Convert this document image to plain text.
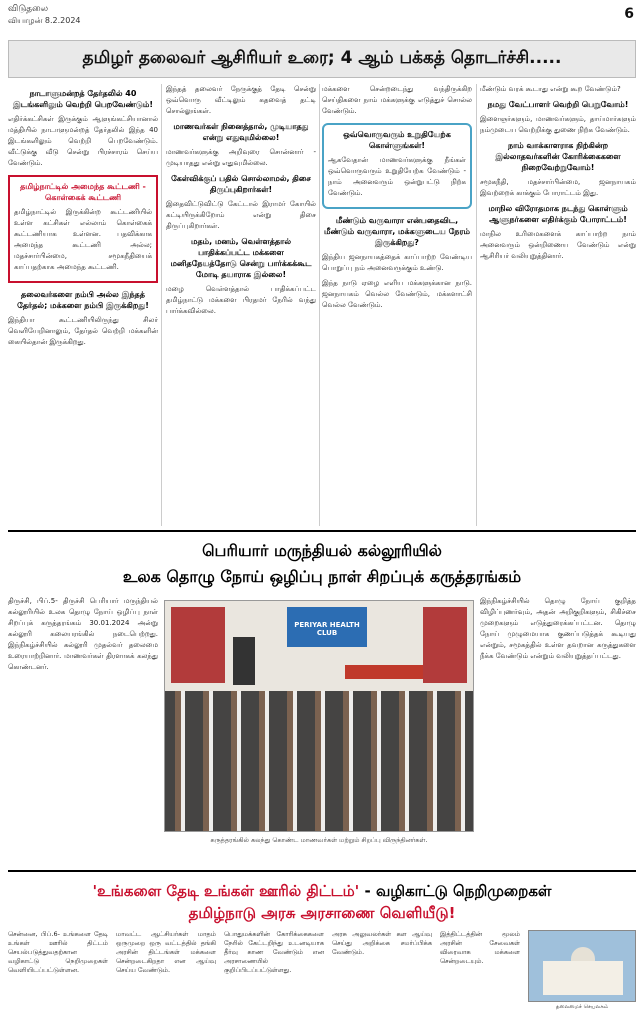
விடுதலை
வியாழன் 8.2.2024	6
தமிழர் தலைவர் ஆசிரியர் உரை; 4 ஆம் பக்கத் தொடர்ச்சி.....
நாடாளுமன்றத் தேர்தலில் 40 இடங்களிலும் வெற்றி பெறவேண்டும்!
எதிர்க்கட்சிகள் இருக்கும் ஆளுங்கட்சியானால் மத்தியில் நாடாளுமன்றத் தேர்தலில் இந்த 40 இடங்களிலும் வெற்றி பெறவேண்டும். வீட்டுக்கு வீடு சென்று பிரச்சாரம் செய்ய வேண்டும்.
தமிழ்நாட்டில் அமைந்த கூட்டணி - கொள்கைக் கூட்டணி
தமிழ்நாட்டில் இருக்கின்ற கூட்டணியில் உள்ள கட்சிகள் எல்லாம் கொள்கைக் கூட்டணியாக உள்ளன. பதவிக்காக அமைந்த கூட்டணி அல்ல; மதச்சார்பின்மை, சமூகநீதியைக் காப்பதற்காக அமைந்த கூட்டணி.
தலைவர்களை நம்பி அல்ல இந்தத் தேர்தல்; மக்களை நம்பி இருக்கிறது!
இந்தியா கூட்டணியிலிருந்து சிலர் வெளியேறினாலும், தேர்தல் வெற்றி மக்களின் கையில்தான் இருக்கிறது.
இந்தத் தலைவர் நேருக்குத் தேடி சென்று ஒவ்வொரு வீட்டிலும் கதவைத் தட்டி சொல்லுங்கள்.
மாணவர்கள் நினைத்தால், முடியாதது என்று எதுவுமில்லை!
மாணவர்களுக்கு அறிவுரை சொன்னார் - முடியாதது என்று எதுவுமில்லை.
கேள்விக்குப் பதில் சொல்லாமல், திசை திருப்புகிறார்கள்!
இதைவிட்டுவிட்டு கேட்டால் இராமர் கோயில் கட்டியிருக்கிறோம் என்று திசை திருப்புகிறார்கள்.
மதம், மனம், வெள்ளத்தால் பாதிக்கப்பட்ட மக்களை மனிதநேயத்தோடு சென்று பார்க்கக்கூட மோடி தயாராக இல்லை!
மழை வெள்ளத்தால் பாதிக்கப்பட்ட தமிழ்நாட்டு மக்களை பிரதமர் நேரில் வந்து பார்க்கவில்லை.
மக்களை சென்றடைந்து வந்திருக்கிற செய்திகளை நாம் மக்களுக்கு எடுத்துச் சொல்ல வேண்டும்.
ஒவ்வொருவரும் உறுதியேற்க கொள்ளுங்கள்!
ஆகவேதான் மாணவர்களுக்கு நீங்கள் ஒவ்வொருவரும் உறுதியேற்க வேண்டும் - நாம் அனைவரும் ஒன்றுபட்டு நிற்க வேண்டும்.
மீண்டும் வருவாரா என்பதைவிட, மீண்டும் வருவாரா, மக்களுடைய நேரம் இருக்கிறது?
இந்திய ஜனநாயகத்தைக் காப்பாற்ற வேண்டிய பொறுப்பு நம் அனைவருக்கும் உண்டு.
இந்த நாடு ஏழை எளிய மக்களுக்கான நாடு. ஜனநாயகம் வெல்ல வேண்டும், மக்களாட்சி வெல்ல வேண்டும்.
மீண்டும் வரக் கூடாது என்று கூற வேண்டும்?
நமது வேட்பாளர் வெற்றி பெறுவோம்!
இளைஞர்களும், மாணவர்களும், தாய்மார்களும் நம்முடைய வெற்றிக்கு துணை நிற்க வேண்டும்.
நாம் வாக்காளராக நிற்கின்ற இல்லாதவர்களின் கோரிக்கைகளை நிறைவேற்றுவோம்!
சமூகநீதி, மதச்சார்பின்மை, ஜனநாயகம் இவற்றைக் காக்கும் போராட்டம் இது.
மாநில விரோதமாக நடந்து கொள்ளும் ஆளுநர்களை எதிர்க்கும் போராட்டம்!
மாநில உரிமைகளைக் காப்பாற்ற நாம் அனைவரும் ஒன்றிணைய வேண்டும் என்று ஆசிரியர் வலியுறுத்தினார்.
பெரியார் மருந்தியல் கல்லூரியில்
உலக தொழு நோய் ஒழிப்பு நாள் சிறப்புக் கருத்தரங்கம்
திருச்சி, பிப்.5- திருச்சி பெரியார் மருந்தியல் கல்லூரியில் உலக தொழு நோய் ஒழிப்பு நாள் சிறப்புக் கருத்தரங்கம் 30.01.2024 அன்று கல்லூரி கலையரங்கில் நடைபெற்றது. இந்நிகழ்ச்சியில் கல்லூரி முதல்வர் தலைமை உரையாற்றினார். மாணவர்கள் திரளாகக் கலந்து கொண்டனர்.
PERIYAR HEALTH CLUB
கருத்தரங்கில் கலந்து கொண்ட மாணவர்கள் மற்றும் சிறப்பு விருந்தினர்கள்.
இந்நிகழ்ச்சியில் தொழு நோய் குறித்த விழிப்புணர்வும், அதன் அறிகுறிகளும், சிகிச்சை முறைகளும் எடுத்துரைக்கப்பட்டன. தொழு நோய் முழுமையாக குணப்படுத்தக் கூடியது என்றும், சமூகத்தில் உள்ள தவறான கருத்துகளை நீக்க வேண்டும் என்றும் வலியுறுத்தப்பட்டது.
'உங்களை தேடி உங்கள் ஊரில் திட்டம்' - வழிகாட்டு நெறிமுறைகள்
தமிழ்நாடு அரசு அரசாணை வெளியீடு!
சென்னை, பிப்.6- உங்களை தேடி உங்கள் ஊரில் திட்டம் செயல்படுத்துவதற்கான வழிகாட்டு நெறிமுறைகள் வெளியிடப்பட்டுள்ளன.
மாவட்ட ஆட்சியர்கள் மாதம் ஒருமுறை ஒரு வட்டத்தில் தங்கி அரசின் திட்டங்கள் மக்களை சென்றடைகிறதா என ஆய்வு செய்ய வேண்டும்.
பொதுமக்களின் கோரிக்கைகளை நேரில் கேட்டறிந்து உடனடியாக தீர்வு காண வேண்டும் என அரசாணையில் குறிப்பிடப்பட்டுள்ளது.
அரசு அலுவலர்கள் கள ஆய்வு செய்து அறிக்கை சமர்ப்பிக்க வேண்டும்.
இத்திட்டத்தின் மூலம் அரசின் சேவைகள் விரைவாக மக்களை சென்றடையும்.
தலைமைச் செயலகம்
